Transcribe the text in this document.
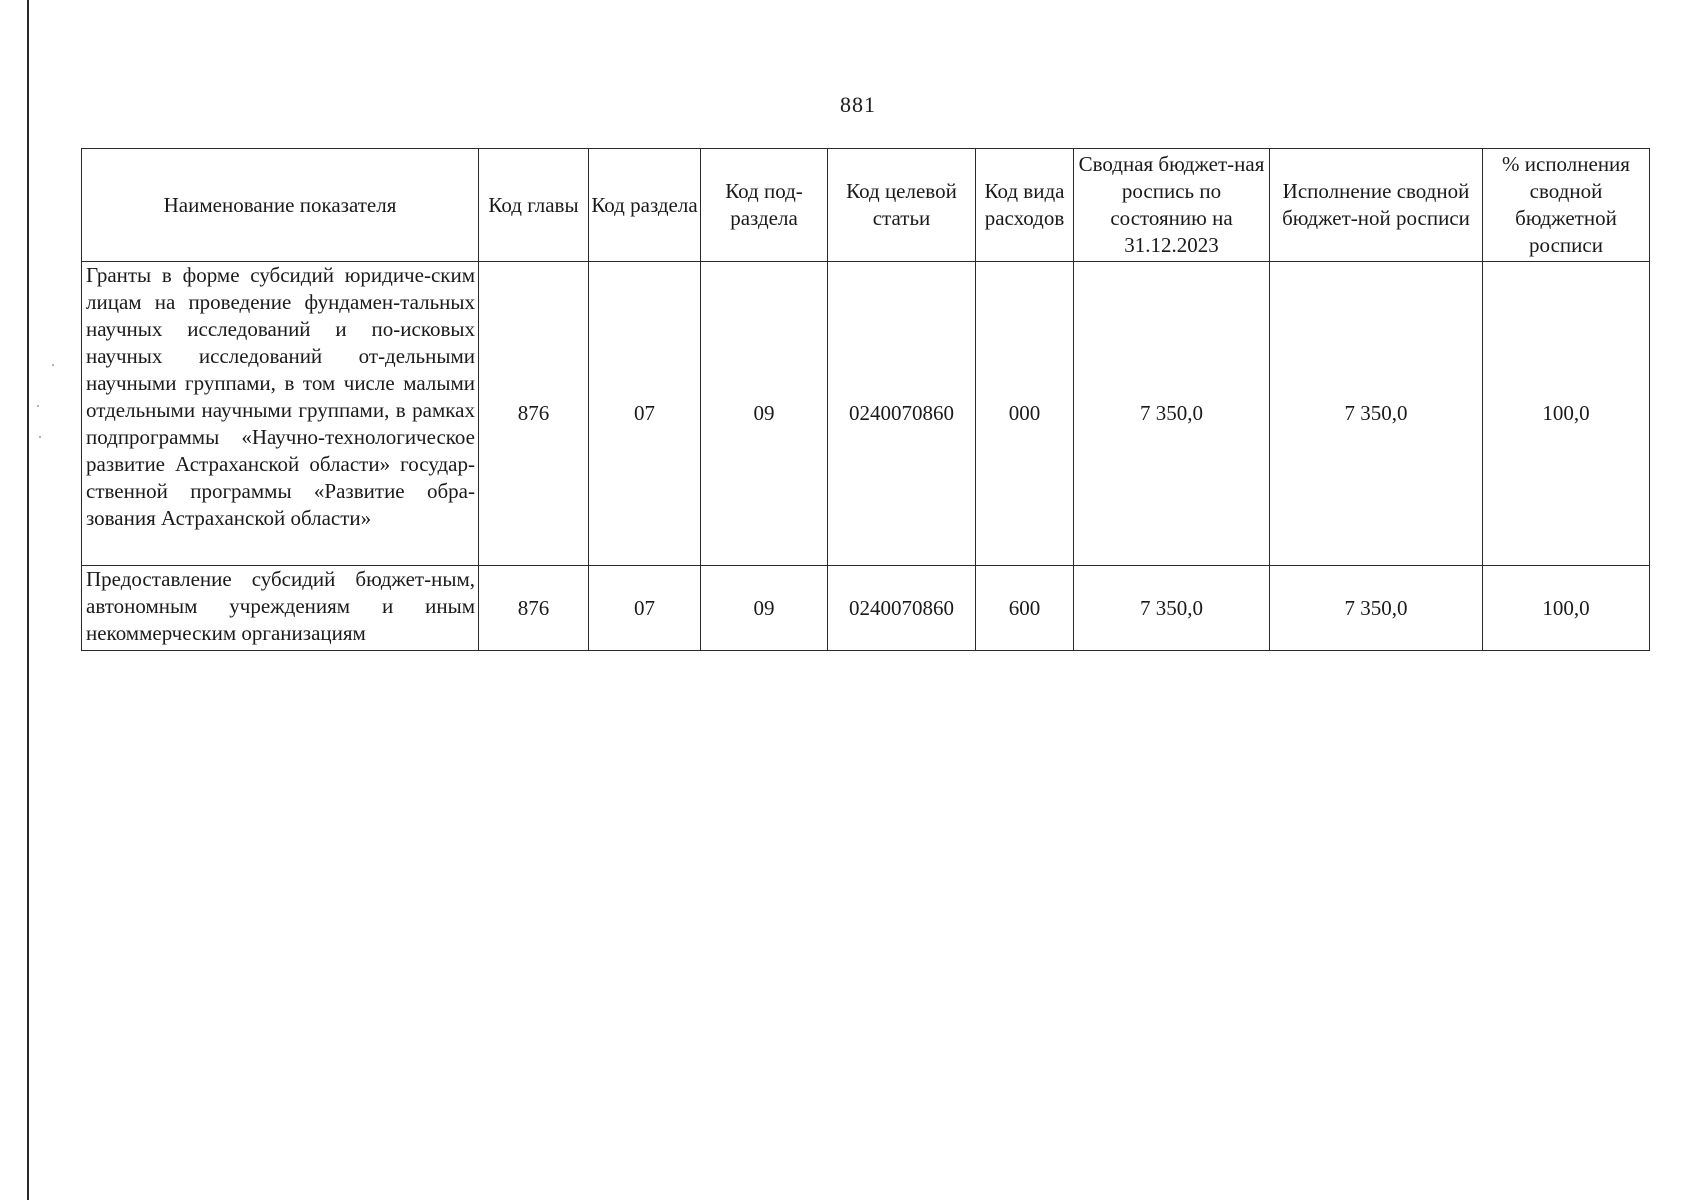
881
Наименование показателя	Код главы	Код раздела	Код под-раздела	Код целевой статьи	Код вида расходов	Сводная бюджет-ная роспись по состоянию на 31.12.2023	Исполнение сводной бюджет-ной росписи	% исполнения сводной бюджетной росписи
Гранты в форме субсидий юридиче-ским лицам на проведение фундамен-тальных научных исследований и по-исковых научных исследований от-дельными научными группами, в том числе малыми отдельными научными группами, в рамках подпрограммы «Научно-технологическое развитие Астраханской области» государ-ственной программы «Развитие обра-зования Астраханской области»	876	07	09	0240070860	000	7 350,0	7 350,0	100,0
Предоставление субсидий бюджет-ным, автономным учреждениям и иным некоммерческим организациям	876	07	09	0240070860	600	7 350,0	7 350,0	100,0
